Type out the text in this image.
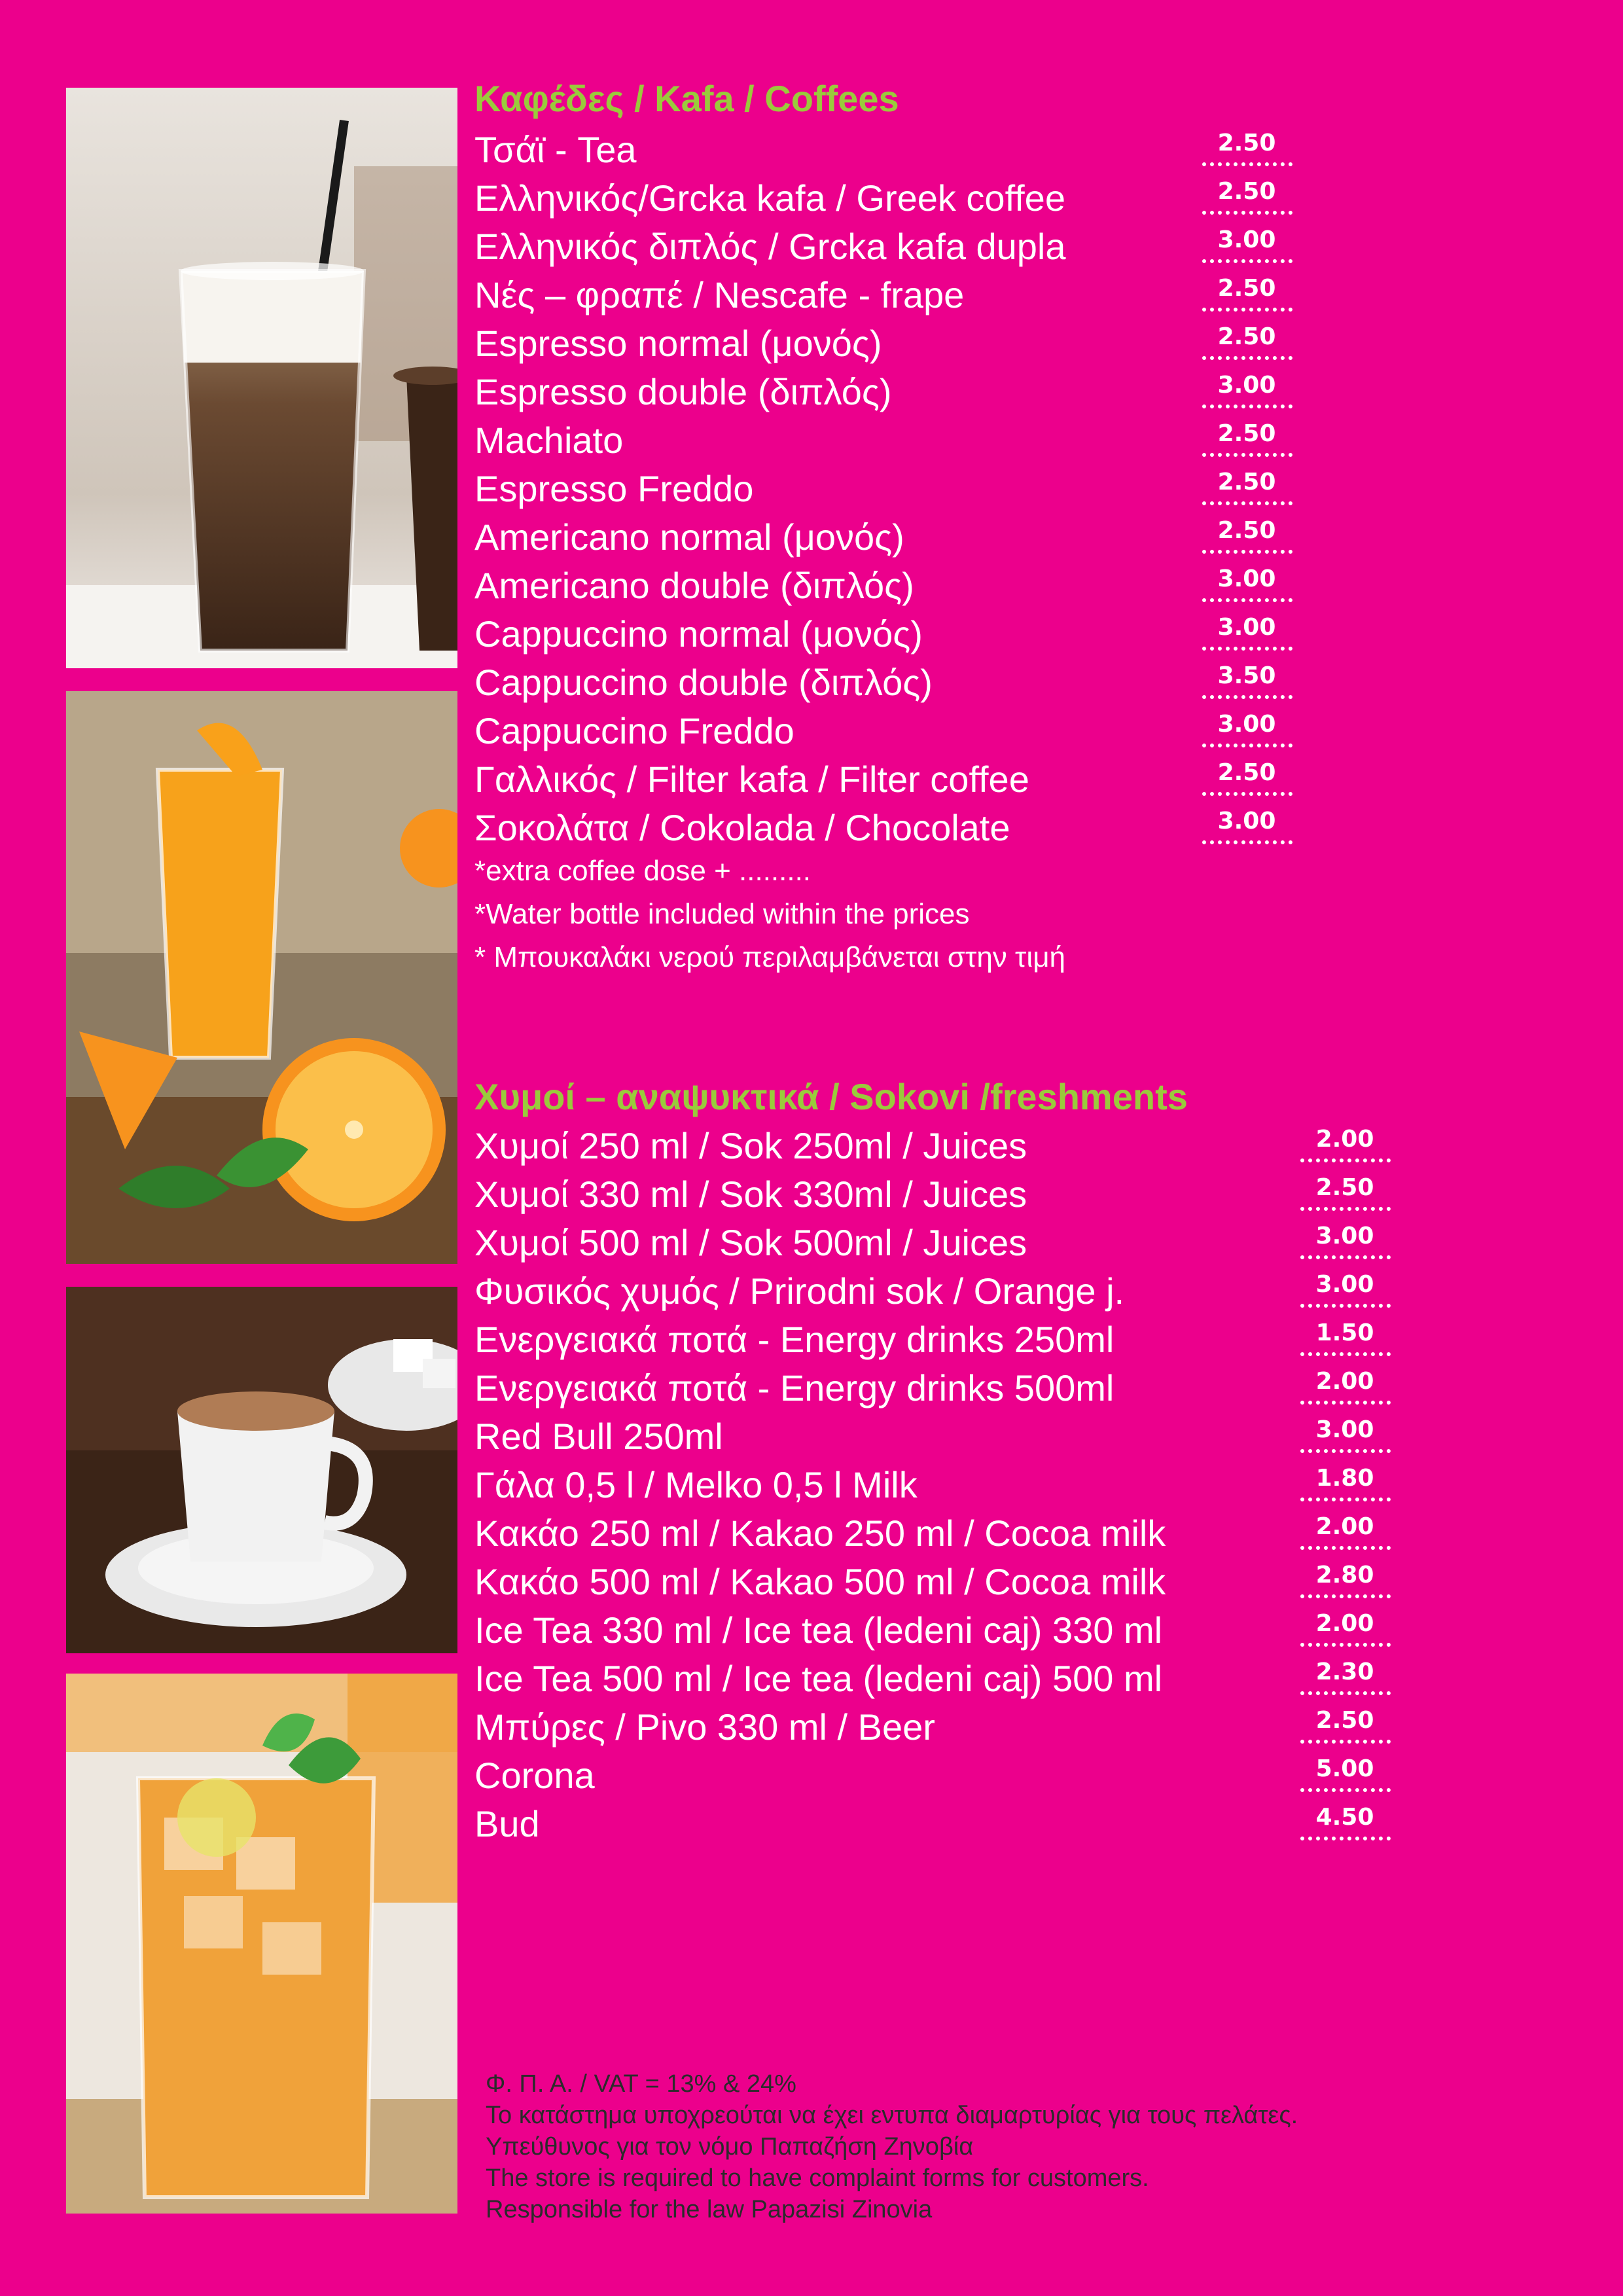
Καφέδες / Kafa / Coffees
Τσάϊ - Tea	2.50
Ελληνικός/Grcka kafa / Greek coffee	2.50
Ελληνικός διπλός / Grcka kafa dupla	3.00
Νές – φραπέ / Nescafe - frape	2.50
Espresso normal (μονός)	2.50
Espresso double (διπλός)	3.00
Machiato	2.50
Espresso Freddo	2.50
Americano normal (μονός)	2.50
Americano double (διπλός)	3.00
Cappuccino normal (μονός)	3.00
Cappuccino double (διπλός)	3.50
Cappuccino Freddo	3.00
Γαλλικός / Filter kafa / Filter coffee	2.50
Σοκολάτα / Cokolada / Chocolate	3.00
*extra coffee dose + .........
*Water bottle included within the prices
* Μπουκαλάκι νερού περιλαμβάνεται στην τιμή
Χυμοί – αναψυκτικά / Sokovi /freshments
Χυμοί 250 ml / Sok 250ml / Juices	2.00
Χυμοί 330 ml / Sok 330ml / Juices	2.50
Χυμοί 500 ml / Sok 500ml / Juices	3.00
Φυσικός χυμός / Prirodni sok / Orange j.	3.00
Ενεργειακά ποτά - Energy drinks 250ml	1.50
Ενεργειακά ποτά - Energy drinks 500ml	2.00
Red Bull 250ml	3.00
Γάλα 0,5 l / Melko 0,5 l Milk	1.80
Κακάο 250 ml / Kakao 250 ml / Cocoa milk	2.00
Κακάο 500 ml / Kakao 500 ml / Cocoa milk	2.80
Ice Tea 330 ml / Ice tea (ledeni caj) 330 ml	2.00
Ice Tea 500 ml / Ice tea (ledeni caj) 500 ml	2.30
Μπύρες / Pivo 330 ml / Beer	2.50
Corona	5.00
Bud	4.50
Φ. Π. Α. / VAT = 13% & 24%
Το κατάστημα υποχρεούται να έχει εντυπα διαμαρτυρίας για τους πελάτες.
Υπεύθυνος για τον νόμο Παπαζήση Ζηνοβία
The store is required to have complaint forms for customers.
Responsible for the law Papazisi Zinovia
